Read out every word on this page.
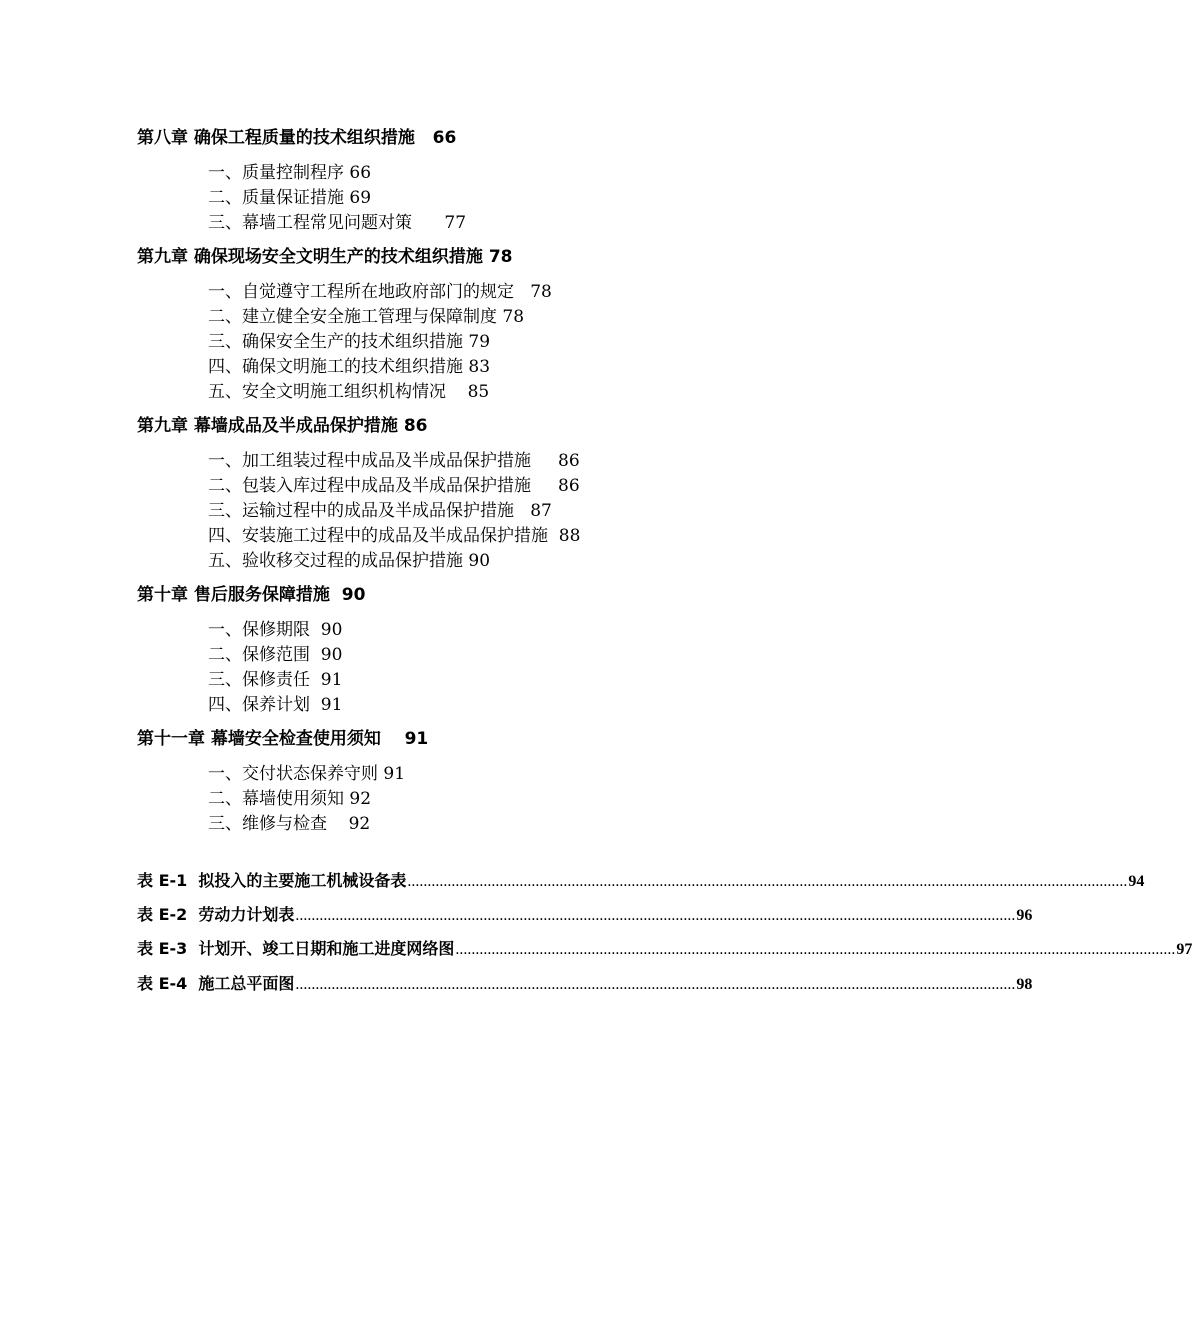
第八章 确保工程质量的技术组织措施   66
一、质量控制程序 66
二、质量保证措施 69
三、幕墙工程常见问题对策      77
第九章 确保现场安全文明生产的技术组织措施 78
一、自觉遵守工程所在地政府部门的规定   78
二、建立健全安全施工管理与保障制度 78
三、确保安全生产的技术组织措施 79
四、确保文明施工的技术组织措施 83
五、安全文明施工组织机构情况    85
第九章 幕墙成品及半成品保护措施 86
一、加工组装过程中成品及半成品保护措施     86
二、包装入库过程中成品及半成品保护措施     86
三、运输过程中的成品及半成品保护措施   87
四、安装施工过程中的成品及半成品保护措施  88
五、验收移交过程的成品保护措施 90
第十章 售后服务保障措施  90
一、保修期限  90
二、保修范围  90
三、保修责任  91
四、保养计划  91
第十一章 幕墙安全检查使用须知    91
一、交付状态保养守则 91
二、幕墙使用须知 92
三、维修与检查    92
表 E-1  拟投入的主要施工机械设备表 .................................................................................................................................................................................... 94
表 E-2  劳动力计划表 .................................................................................................................................................................................... 96
表 E-3  计划开、竣工日期和施工进度网络图 .................................................................................................................................................................................... 97
表 E-4  施工总平面图 .................................................................................................................................................................................... 98
